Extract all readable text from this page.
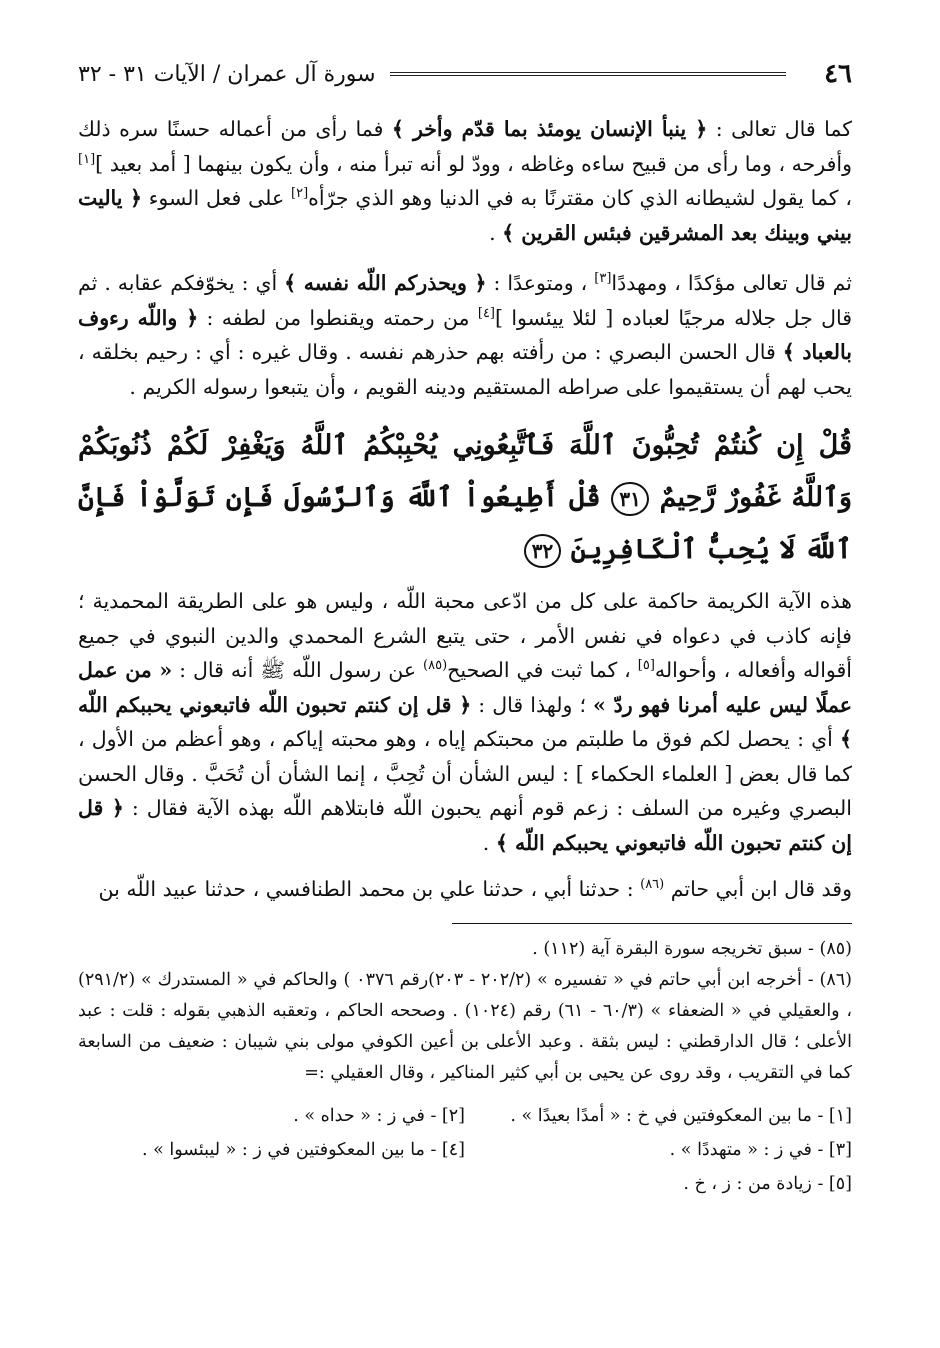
٤٦
سورة آل عمران / الآيات ٣١ - ٣٢

كما قال تعالى : ﴿ ينبأ الإنسان يومئذ بما قدّم وأخر ﴾ فما رأى من أعماله حسنًا سره ذلك وأفرحه ، وما رأى من قبيح ساءه وغاظه ، وودّ لو أنه تبرأ منه ، وأن يكون بينهما [ أمد بعيد ][١] ، كما يقول لشيطانه الذي كان مقترنًا به في الدنيا وهو الذي جرّأه[٢] على فعل السوء ﴿ ياليت بيني وبينك بعد المشرقين فبئس القرين ﴾ .

ثم قال تعالى مؤكدًا ، ومهددًا[٣] ، ومتوعدًا : ﴿ ويحذركم اللّه نفسه ﴾ أي : يخوّفكم عقابه . ثم قال جل جلاله مرجيًا لعباده [ لئلا ييئسوا ][٤] من رحمته ويقنطوا من لطفه : ﴿ واللّه رءوف بالعباد ﴾ قال الحسن البصري : من رأفته بهم حذرهم نفسه . وقال غيره : أي : رحيم بخلقه ، يحب لهم أن يستقيموا على صراطه المستقيم ودينه القويم ، وأن يتبعوا رسوله الكريم .

قُلْ إِن كُنتُمْ تُحِبُّونَ ٱللَّهَ فَٱتَّبِعُونِي يُحْبِبْكُمُ ٱللَّهُ وَيَغْفِرْ لَكُمْ ذُنُوبَكُمْ وَٱللَّهُ غَفُورٌ رَّحِيمٌ ٣١ قُلْ أَطِيعُواْ ٱللَّهَ وَٱلرَّسُولَ فَإِن تَوَلَّوْاْ فَإِنَّ ٱللَّهَ لَا يُحِبُّ ٱلْكَافِرِينَ ٣٢

هذه الآية الكريمة حاكمة على كل من ادّعى محبة اللّه ، وليس هو على الطريقة المحمدية ؛ فإنه كاذب في دعواه في نفس الأمر ، حتى يتبع الشرع المحمدي والدين النبوي في جميع أقواله وأفعاله ، وأحواله[٥] ، كما ثبت في الصحيح$^{(٨٥)}$ عن رسول اللّه ﷺ أنه قال : « من عمل عملًا ليس عليه أمرنا فهو ردّ » ؛ ولهذا قال : ﴿ قل إن كنتم تحبون اللّه فاتبعوني يحببكم اللّه ﴾ أي : يحصل لكم فوق ما طلبتم من محبتكم إياه ، وهو محبته إياكم ، وهو أعظم من الأول ، كما قال بعض [ العلماء الحكماء ] : ليس الشأن أن تُحِبَّ ، إنما الشأن أن تُحَبَّ . وقال الحسن البصري وغيره من السلف : زعم قوم أنهم يحبون اللّه فابتلاهم اللّه بهذه الآية فقال : ﴿ قل إن كنتم تحبون اللّه فاتبعوني يحببكم اللّه ﴾ .

وقد قال ابن أبي حاتم $^{(٨٦)}$ : حدثنا أبي ، حدثنا علي بن محمد الطنافسي ، حدثنا عبيد اللّه بن

(٨٥) - سبق تخريجه سورة البقرة آية (١١٢) .

(٨٦) - أخرجه ابن أبي حاتم في « تفسيره » (٢٠٢/٢ - ٢٠٣)رقم ٠٣٧٦ ) والحاكم في « المستدرك » (٢٩١/٢) ، والعقيلي في « الضعفاء » (٦٠/٣ - ٦١) رقم (١٠٢٤) . وصححه الحاكم ، وتعقبه الذهبي بقوله : قلت : عبد الأعلى ؛ قال الدارقطني : ليس بثقة . وعبد الأعلى بن أعين الكوفي مولى بني شيبان : ضعيف من السابعة كما في التقريب ، وقد روى عن يحيى بن أبي كثير المناكير ، وقال العقيلي :=

[١] - ما بين المعكوفتين في خ : « أمدًا بعيدًا » .
[٢] - في ز : « حداه » .
[٣] - في ز : « متهددًا » .
[٤] - ما بين المعكوفتين في ز : « ليبئسوا » .
[٥] - زيادة من : ز ، خ .
